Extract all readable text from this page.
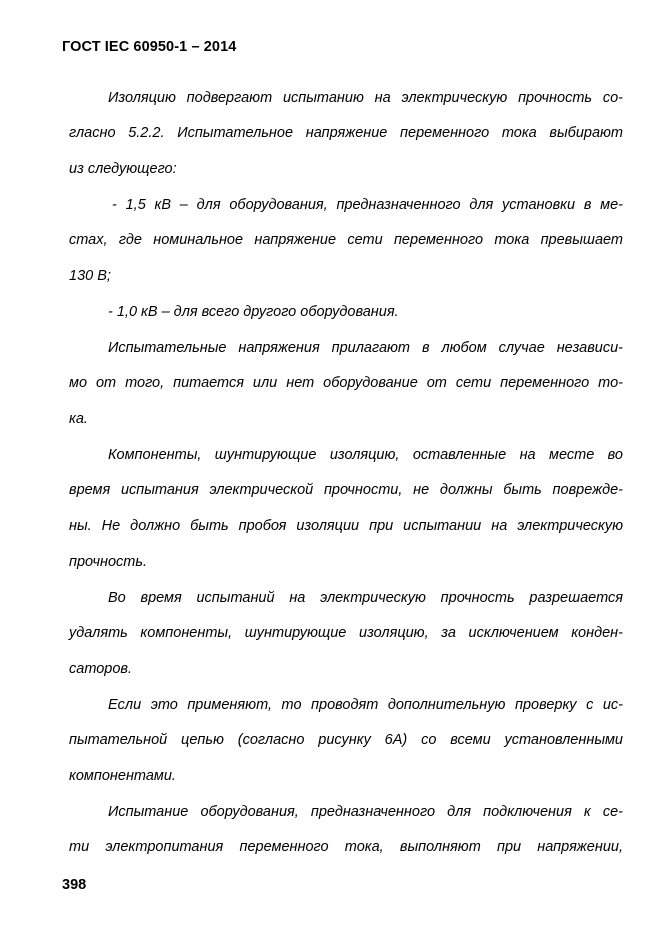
ГОСТ IEC 60950-1 – 2014
Изоляцию подвергают испытанию на электрическую прочность со-
гласно 5.2.2. Испытательное напряжение переменного тока выбирают
из следующего:
- 1,5 кВ – для оборудования, предназначенного для установки в ме-
стах, где номинальное напряжение сети переменного тока превышает
130 В;
- 1,0 кВ – для всего другого оборудования.
Испытательные напряжения прилагают в любом случае независи-
мо от того, питается или нет оборудование от сети переменного то-
ка.
Компоненты, шунтирующие изоляцию, оставленные на месте во
время испытания электрической прочности, не должны быть поврежде-
ны. Не должно быть пробоя изоляции при испытании на электрическую
прочность.
Во время испытаний на электрическую прочность разрешается
удалять компоненты, шунтирующие изоляцию, за исключением конден-
саторов.
Если это применяют, то проводят дополнительную проверку с ис-
пытательной цепью (согласно рисунку 6А) со всеми установленными
компонентами.
Испытание оборудования, предназначенного для подключения к се-
ти электропитания переменного тока, выполняют при напряжении,
398
